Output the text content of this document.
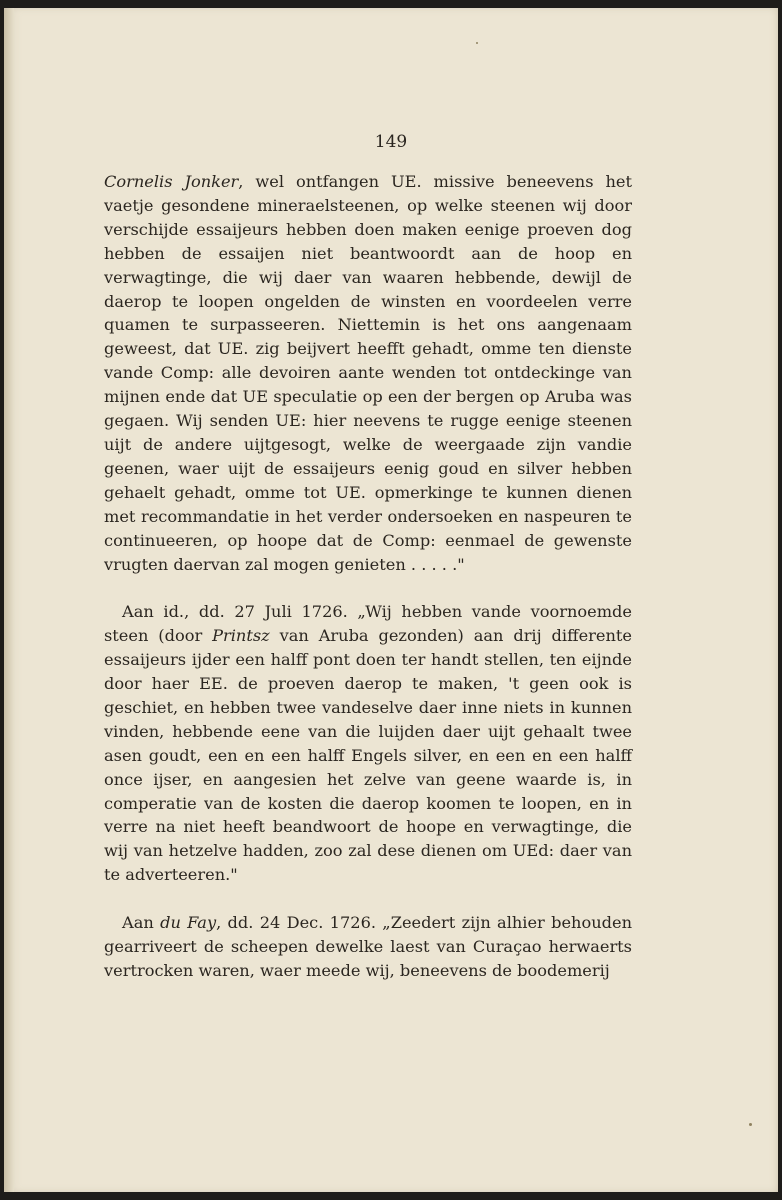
149

Cornelis Jonker, wel ontfangen UE. missive beneevens het vaetje gesondene mineraelsteenen, op welke steenen wij door verschijde essaijeurs hebben doen maken eenige proeven dog hebben de essaijen niet beantwoordt aan de hoop en verwagtinge, die wij daer van waaren hebbende, dewijl de daerop te loopen ongelden de winsten en voordeelen verre quamen te surpasseeren. Niettemin is het ons aangenaam geweest, dat UE. zig beijvert hee​fft gehadt, omme ten dienste vande Comp: alle devoiren aante wenden tot ontdeckinge van mijnen ende dat UE speculatie op een der bergen op Aruba was gegaen. Wij senden UE: hier neevens te rugge eenige steenen uijt de andere uijtgesogt, welke de weergaade zijn vandie geenen, waer uijt de essaijeurs eenig goud en silver hebben gehaelt gehadt, omme tot UE. opmerkinge te kunnen dienen met recommandatie in het verder ondersoeken en naspeuren te continueeren, op hoope dat de Comp: eenmael de gewenste vrugten daervan zal mogen genieten . . . . ."

Aan id., dd. 27 Juli 1726. „Wij hebben vande voornoemde steen (door Printsz van Aruba gezonden) aan drij differente essaijeurs ijder een halff pont doen ter handt stellen, ten eijnde door haer EE. de proeven daerop te maken, 't geen ook is geschiet, en hebben twee vandeselve daer inne niets in kunnen vinden, hebbende eene van die luijden daer uijt gehaalt twee asen goudt, een en een halff Engels silver, en een en een halff once ijser, en aangesien het zelve van geene waarde is, in comperatie van de kosten die daerop koomen te loopen, en in verre na niet heeft beandwoort de hoope en verwagtinge, die wij van hetzelve hadden, zoo zal dese dienen om UEd: daer van te adverteeren."

Aan du Fay, dd. 24 Dec. 1726. „Zeedert zijn alhier behouden gearriveert de scheepen dewelke laest van Curaçao herwaerts vertrocken waren, waer meede wij, beneevens de boodemerij
